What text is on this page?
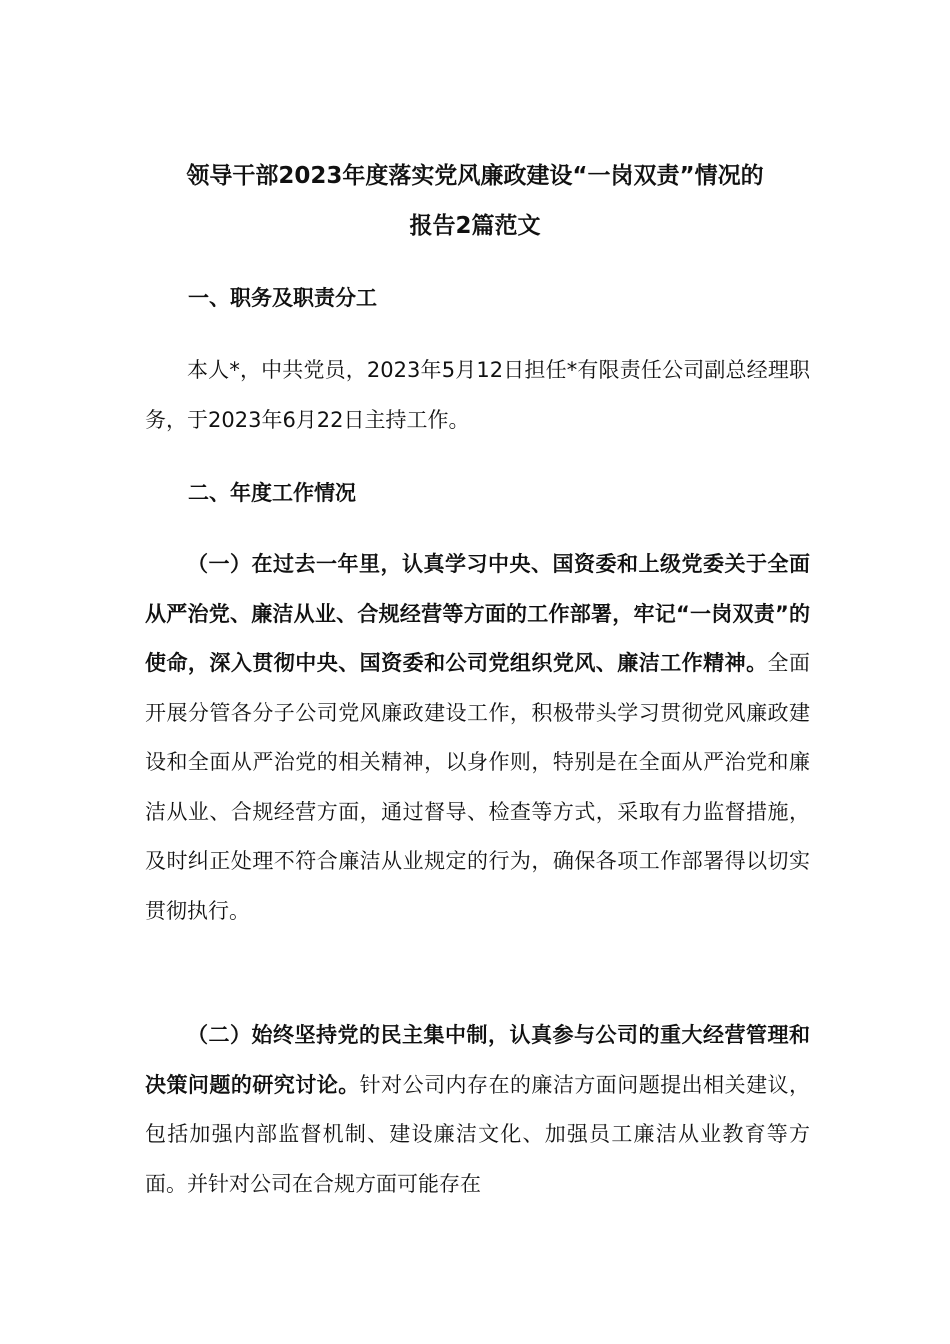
领导干部2023年度落实党风廉政建设“一岗双责”情况的
报告2篇范文
一、职务及职责分工
本人*，中共党员，2023年5月12日担任*有限责任公司副总经理职务，于2023年6月22日主持工作。
二、年度工作情况
（一）在过去一年里，认真学习中央、国资委和上级党委关于全面从严治党、廉洁从业、合规经营等方面的工作部署，牢记“一岗双责”的使命，深入贯彻中央、国资委和公司党组织党风、廉洁工作精神。全面开展分管各分子公司党风廉政建设工作，积极带头学习贯彻党风廉政建设和全面从严治党的相关精神，以身作则，特别是在全面从严治党和廉洁从业、合规经营方面，通过督导、检查等方式，采取有力监督措施，及时纠正处理不符合廉洁从业规定的行为，确保各项工作部署得以切实贯彻执行。
（二）始终坚持党的民主集中制，认真参与公司的重大经营管理和决策问题的研究讨论。针对公司内存在的廉洁方面问题提出相关建议，包括加强内部监督机制、建设廉洁文化、加强员工廉洁从业教育等方面。并针对公司在合规方面可能存在
